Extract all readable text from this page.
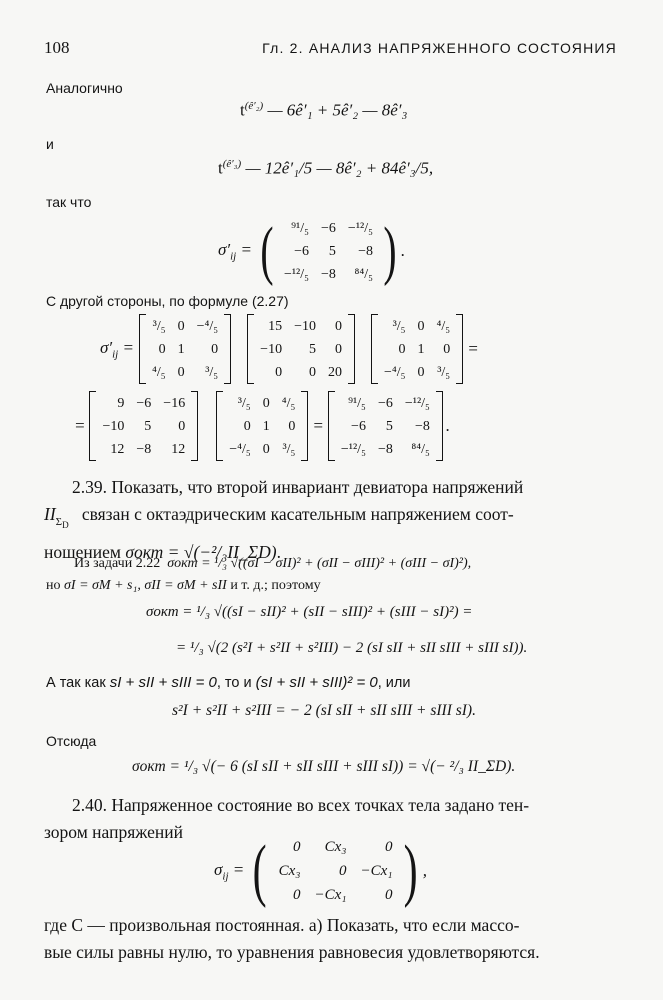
108	Гл. 2. АНАЛИЗ НАПРЯЖЕННОГО СОСТОЯНИЯ
Аналогично
$t^{(ê'_2)}$ — 6ê′₁ + 5ê′₂ — 8ê′₃
и
$t^{(ê'_3)}$ — 12ê′₁/5 — 8ê′₂ + 84ê′₃/5,
так что
$\sigma'_{ij}$ = ( ⁹¹/₅	−6	−¹²/₅
−6	5	−8
−¹²/₅	−8	⁸⁴/₅ ) .
С другой стороны, по формуле (2.27)
$\sigma'_{ij}$ =
³/₅	0	−⁴/₅
0	1	0
⁴/₅	0	³/₅
15	−10	0
−10	5	0
0	0	20
³/₅	0	⁴/₅
0	1	0
−⁴/₅	0	³/₅
=
=
9	−6	−16
−10	5	0
12	−8	12
³/₅	0	⁴/₅
0	1	0
−⁴/₅	0	³/₅
=
⁹¹/₅	−6	−¹²/₅
−6	5	−8
−¹²/₅	−8	⁸⁴/₅
.
2.39. Показать, что второй инвариант девиатора напряжений
$II_{\Sigma_D}$   связан с октаэдрическим касательным напряжением соот-
ношением σокт = √(−²/₃II_ΣD).
Из задачи 2.22 σокт = ¹/₃ √((σI − σII)² + (σII − σIII)² + (σIII − σI)²),
но σI = σM + s₁, σII = σM + sII и т. д.; поэтому
σокт = ¹/₃ √((sI − sII)² + (sII − sIII)² + (sIII − sI)²) =
= ¹/₃ √(2 (s²I + s²II + s²III) − 2 (sI sII + sII sIII + sIII sI)).
А так как sI + sII + sIII = 0, то и (sI + sII + sIII)² = 0, или
s²I + s²II + s²III = − 2 (sI sII + sII sIII + sIII sI).
Отсюда
σокт = ¹/₃ √(− 6 (sI sII + sII sIII + sIII sI)) = √(− ²/₃ II_ΣD).
2.40. Напряженное состояние во всех точках тела задано тен-
зором напряжений
$\sigma_{ij}$ = ( 0	Cx₃	0
Cx₃	0	−Cx₁
0	−Cx₁	0 ) ,
где C — произвольная постоянная. а) Показать, что если массо-
вые силы равны нулю, то уравнения равновесия удовлетворяются.
